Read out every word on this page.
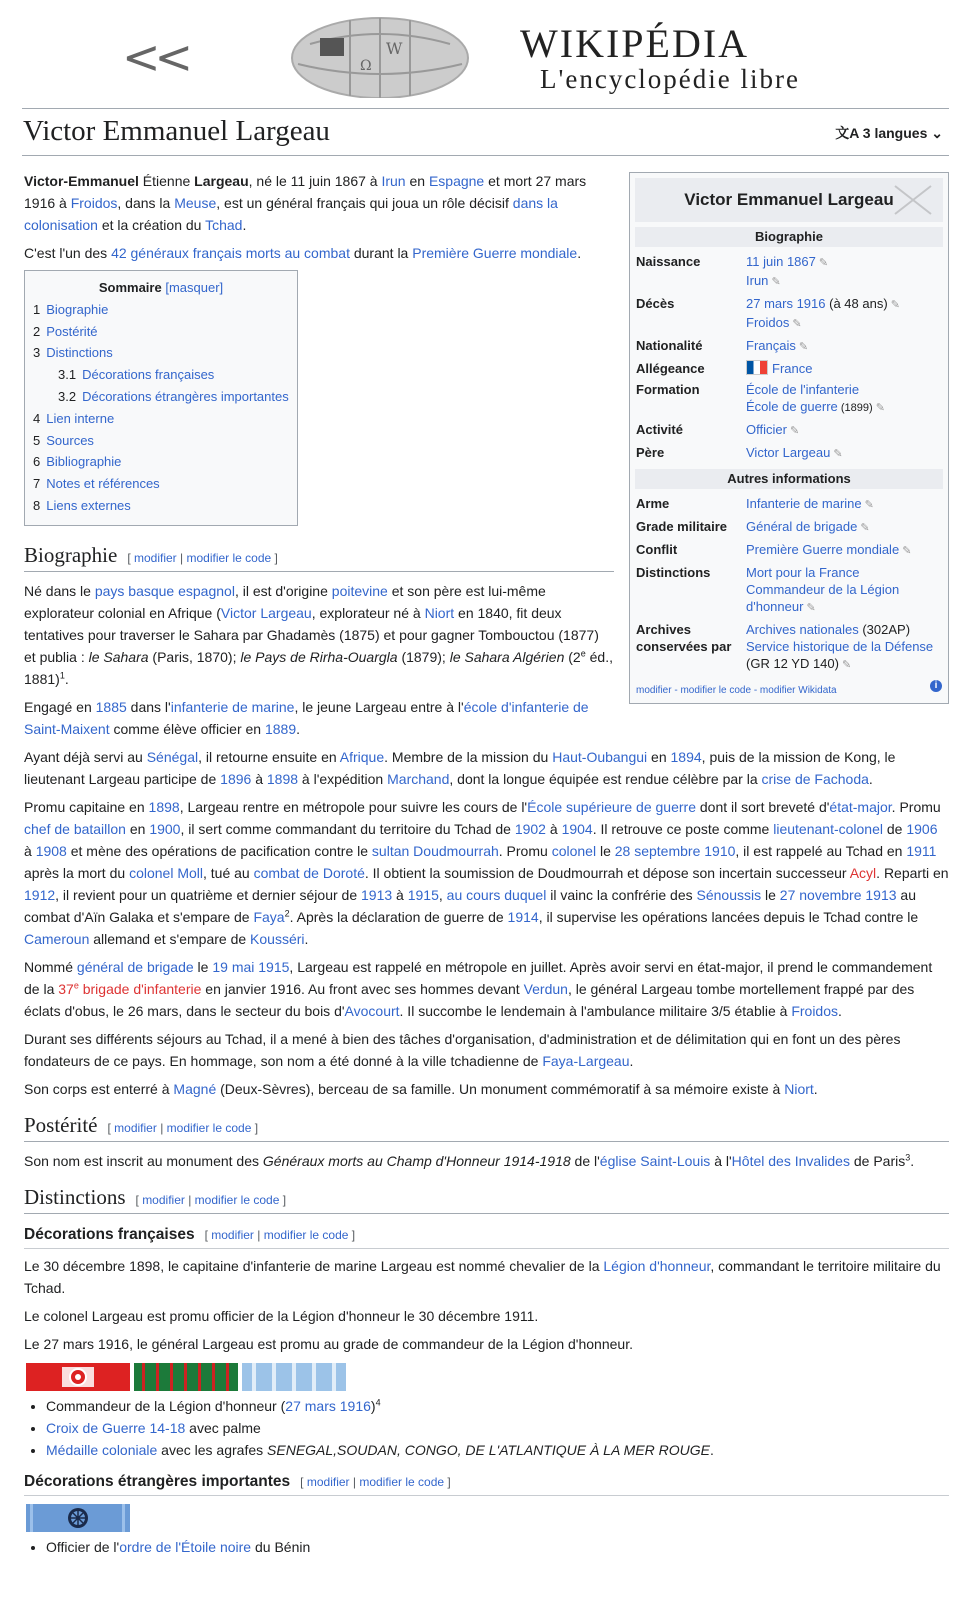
<<	W
Ω	WIKIPÉDIA
L'encyclopédie libre
Victor Emmanuel Largeau	文A 3 langues ⌄

Victor-Emmanuel Étienne Largeau, né le 11 juin 1867 à Irun en Espagne et mort 27 mars 1916 à Froidos, dans la Meuse, est un général français qui joua un rôle décisif dans la colonisation et la création du Tchad.

C'est l'un des 42 généraux français morts au combat durant la Première Guerre mondiale.

Sommaire [masquer]
1 Biographie
2 Postérité
3 Distinctions
3.1 Décorations françaises
3.2 Décorations étrangères importantes
4 Lien interne
5 Sources
6 Bibliographie
7 Notes et références
8 Liens externes
Biographie [ modifier | modifier le code ]

Né dans le pays basque espagnol, il est d'origine poitevine et son père est lui-même explorateur colonial en Afrique (Victor Largeau, explorateur né à Niort en 1840, fit deux tentatives pour traverser le Sahara par Ghadamès (1875) et pour gagner Tombouctou (1877) et publia : le Sahara (Paris, 1870); le Pays de Rirha-Ouargla (1879); le Sahara Algérien (2e éd., 1881)$^1$.

Engagé en 1885 dans l'infanterie de marine, le jeune Largeau entre à l'école d'infanterie de Saint-Maixent comme élève officier en 1889.

Ayant déjà servi au Sénégal, il retourne ensuite en Afrique. Membre de la mission du Haut-Oubangui en 1894, puis de la mission de Kong, le lieutenant Largeau participe de 1896 à 1898 à l'expédition Marchand, dont la longue équipée est rendue célèbre par la crise de Fachoda.

Promu capitaine en 1898, Largeau rentre en métropole pour suivre les cours de l'École supérieure de guerre dont il sort breveté d'état-major. Promu chef de bataillon en 1900, il sert comme commandant du territoire du Tchad de 1902 à 1904. Il retrouve ce poste comme lieutenant-colonel de 1906 à 1908 et mène des opérations de pacification contre le sultan Doudmourrah. Promu colonel le 28 septembre 1910, il est rappelé au Tchad en 1911 après la mort du colonel Moll, tué au combat de Doroté. Il obtient la soumission de Doudmourrah et dépose son incertain successeur Acyl. Reparti en 1912, il revient pour un quatrième et dernier séjour de 1913 à 1915, au cours duquel il vainc la confrérie des Sénoussis le 27 novembre 1913 au combat d'Aïn Galaka et s'empare de Faya$^2$. Après la déclaration de guerre de 1914, il supervise les opérations lancées depuis le Tchad contre le Cameroun allemand et s'empare de Kousséri.

Nommé général de brigade le 19 mai 1915, Largeau est rappelé en métropole en juillet. Après avoir servi en état-major, il prend le commandement de la 37e brigade d'infanterie en janvier 1916. Au front avec ses hommes devant Verdun, le général Largeau tombe mortellement frappé par des éclats d'obus, le 26 mars, dans le secteur du bois d'Avocourt. Il succombe le lendemain à l'ambulance militaire 3/5 établie à Froidos.

Durant ses différents séjours au Tchad, il a mené à bien des tâches d'organisation, d'administration et de délimitation qui en font un des pères fondateurs de ce pays. En hommage, son nom a été donné à la ville tchadienne de Faya-Largeau.

Son corps est enterré à Magné (Deux-Sèvres), berceau de sa famille. Un monument commémoratif à sa mémoire existe à Niort.

Postérité [ modifier | modifier le code ]

Son nom est inscrit au monument des Généraux morts au Champ d'Honneur 1914-1918 de l'église Saint-Louis à l'Hôtel des Invalides de Paris$^3$.

Distinctions [ modifier | modifier le code ]
Décorations françaises [ modifier | modifier le code ]

Le 30 décembre 1898, le capitaine d'infanterie de marine Largeau est nommé chevalier de la Légion d'honneur, commandant le territoire militaire du Tchad.

Le colonel Largeau est promu officier de la Légion d'honneur le 30 décembre 1911.

Le 27 mars 1916, le général Largeau est promu au grade de commandeur de la Légion d'honneur.

• Commandeur de la Légion d'honneur (27 mars 1916)$^4$
• Croix de Guerre 14-18 avec palme
• Médaille coloniale avec les agrafes SENEGAL,SOUDAN, CONGO, DE L'ATLANTIQUE À LA MER ROUGE.
Décorations étrangères importantes [ modifier | modifier le code ]
• Officier de l'ordre de l'Étoile noire du Bénin
Victor Emmanuel Largeau
Biographie
Naissance	11 juin 1867 ✎
Irun ✎
Décès	27 mars 1916 (à 48 ans) ✎
Froidos ✎
Nationalité	Français ✎
Allégeance	France
Formation	École de l'infanterie
École de guerre (1899) ✎
Activité	Officier ✎
Père	Victor Largeau ✎
Autres informations
Arme	Infanterie de marine ✎
Grade militaire	Général de brigade ✎
Conflit	Première Guerre mondiale ✎
Distinctions	Mort pour la France
Commandeur de la Légion d'honneur ✎
Archives conservées par
Archives nationales (302AP)
Service historique de la Défense (GR 12 YD 140) ✎
modifier - modifier le code - modifier Wikidata	i
